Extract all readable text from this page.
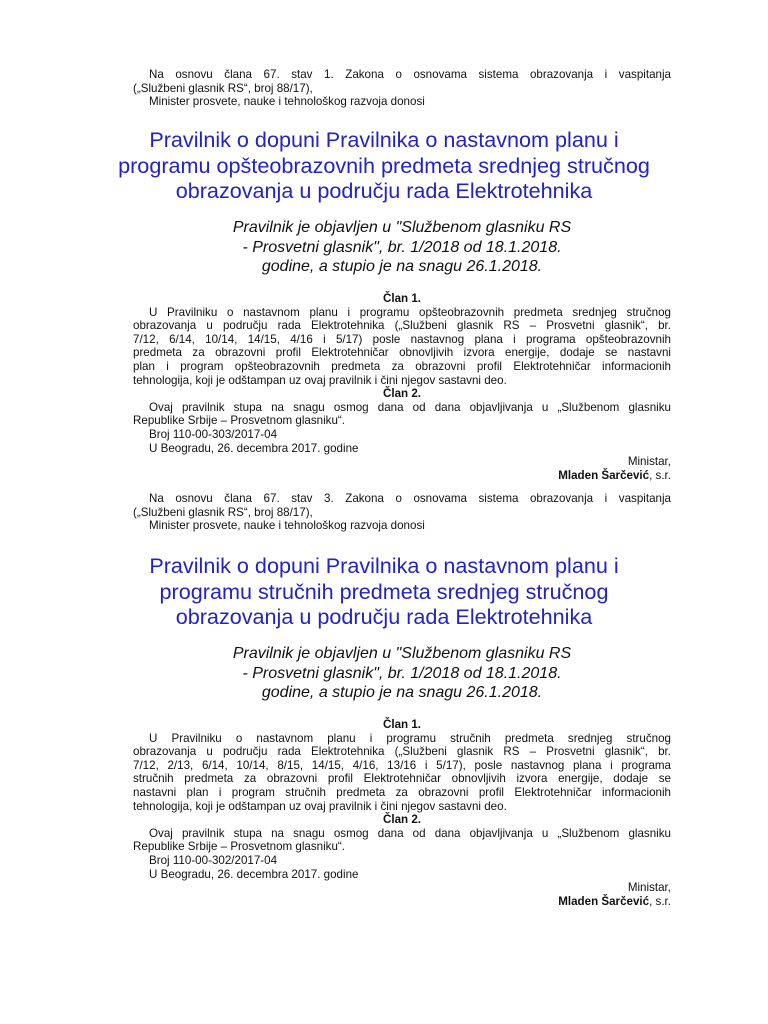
Na osnovu člana 67. stav 1. Zakona o osnovama sistema obrazovanja i vaspitanja
(„Službeni glasnik RS“, broj 88/17),
Minister prosvete, nauke i tehnološkog razvoja donosi
Pravilnik o dopuni Pravilnika o nastavnom planu i
programu opšteobrazovnih predmeta srednjeg stručnog
obrazovanja u području rada Elektrotehnika
Pravilnik je objavljen u "Službenom glasniku RS
- Prosvetni glasnik", br. 1/2018 od 18.1.2018.
godine, a stupio je na snagu 26.1.2018.
Član 1.
U Pravilniku o nastavnom planu i programu opšteobrazovnih predmeta srednjeg stručnog
obrazovanja u području rada Elektrotehnika („Službeni glasnik RS – Prosvetni glasnik“, br.
7/12, 6/14, 10/14, 14/15, 4/16 i 5/17) posle nastavnog plana i programa opšteobrazovnih
predmeta za obrazovni profil Elektrotehničar obnovljivih izvora energije, dodaje se nastavni
plan i program opšteobrazovnih predmeta za obrazovni profil Elektrotehničar informacionih
tehnologija, koji je odštampan uz ovaj pravilnik i čini njegov sastavni deo.
Član 2.
Ovaj pravilnik stupa na snagu osmog dana od dana objavljivanja u „Službenom glasniku
Republike Srbije – Prosvetnom glasniku“.
Broj 110-00-303/2017-04
U Beogradu, 26. decembra 2017. godine
Ministar,
Mladen Šarčević, s.r.
Na osnovu člana 67. stav 3. Zakona o osnovama sistema obrazovanja i vaspitanja
(„Službeni glasnik RS“, broj 88/17),
Minister prosvete, nauke i tehnološkog razvoja donosi
Pravilnik o dopuni Pravilnika o nastavnom planu i
programu stručnih predmeta srednjeg stručnog
obrazovanja u području rada Elektrotehnika
Pravilnik je objavljen u "Službenom glasniku RS
- Prosvetni glasnik", br. 1/2018 od 18.1.2018.
godine, a stupio je na snagu 26.1.2018.
Član 1.
U Pravilniku o nastavnom planu i programu stručnih predmeta srednjeg stručnog
obrazovanja u području rada Elektrotehnika („Službeni glasnik RS – Prosvetni glasnik“, br.
7/12, 2/13, 6/14, 10/14, 8/15, 14/15, 4/16, 13/16 i 5/17), posle nastavnog plana i programa
stručnih predmeta za obrazovni profil Elektrotehničar obnovljivih izvora energije, dodaje se
nastavni plan i program stručnih predmeta za obrazovni profil Elektrotehničar informacionih
tehnologija, koji je odštampan uz ovaj pravilnik i čini njegov sastavni deo.
Član 2.
Ovaj pravilnik stupa na snagu osmog dana od dana objavljivanja u „Službenom glasniku
Republike Srbije – Prosvetnom glasniku“.
Broj 110-00-302/2017-04
U Beogradu, 26. decembra 2017. godine
Ministar,
Mladen Šarčević, s.r.
